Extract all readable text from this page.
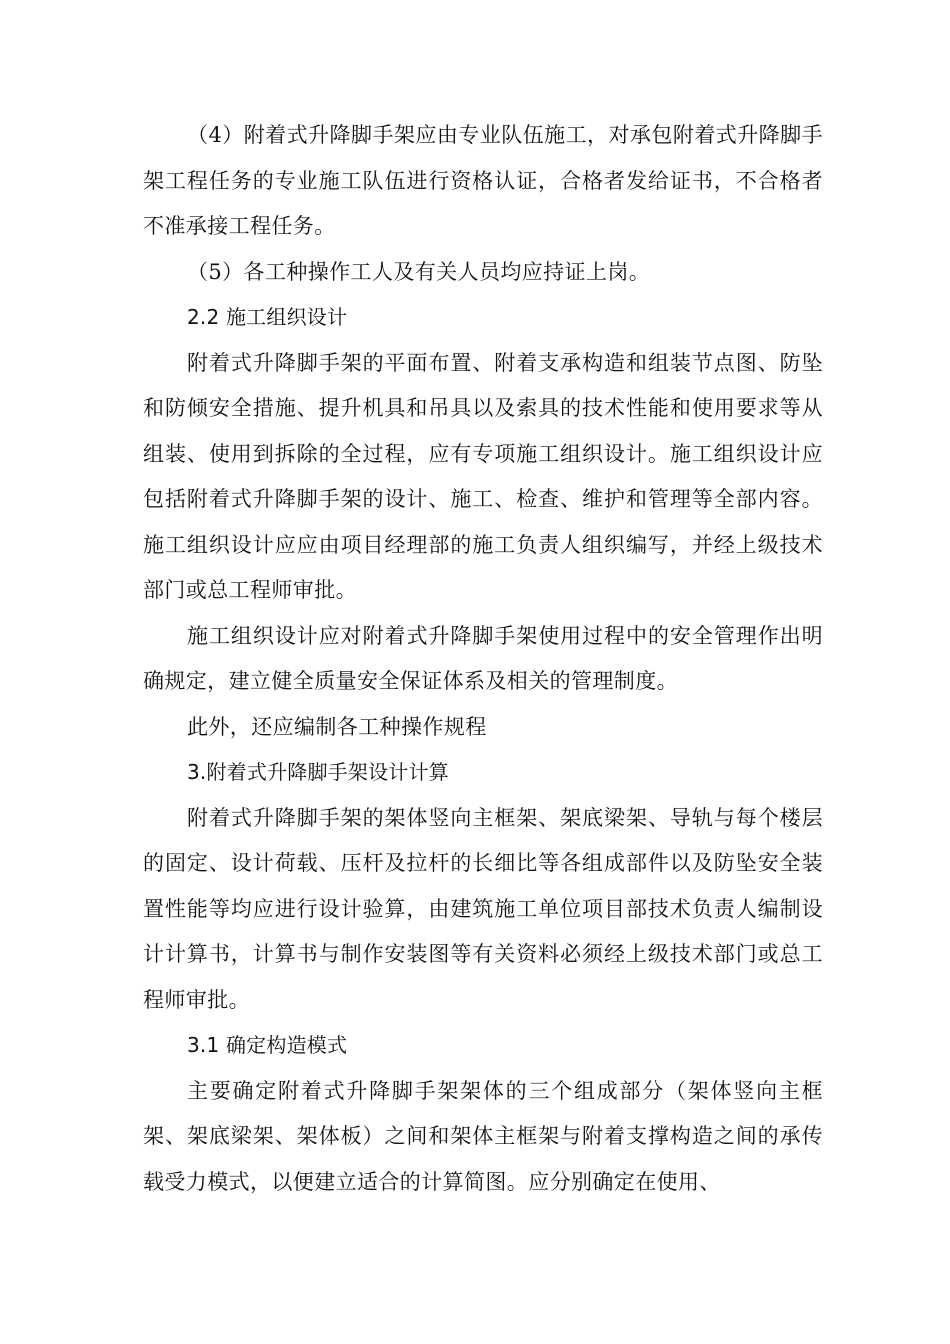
（4）附着式升降脚手架应由专业队伍施工，对承包附着式升降脚手架工程任务的专业施工队伍进行资格认证，合格者发给证书，不合格者不准承接工程任务。

（5）各工种操作工人及有关人员均应持证上岗。

2.2 施工组织设计

附着式升降脚手架的平面布置、附着支承构造和组装节点图、防坠和防倾安全措施、提升机具和吊具以及索具的技术性能和使用要求等从组装、使用到拆除的全过程，应有专项施工组织设计。施工组织设计应包括附着式升降脚手架的设计、施工、检查、维护和管理等全部内容。施工组织设计应应由项目经理部的施工负责人组织编写，并经上级技术部门或总工程师审批。

施工组织设计应对附着式升降脚手架使用过程中的安全管理作出明确规定，建立健全质量安全保证体系及相关的管理制度。

此外，还应编制各工种操作规程

3.附着式升降脚手架设计计算

附着式升降脚手架的架体竖向主框架、架底梁架、导轨与每个楼层的固定、设计荷载、压杆及拉杆的长细比等各组成部件以及防坠安全装置性能等均应进行设计验算，由建筑施工单位项目部技术负责人编制设计计算书，计算书与制作安装图等有关资料必须经上级技术部门或总工程师审批。

3.1 确定构造模式

主要确定附着式升降脚手架架体的三个组成部分（架体竖向主框架、架底梁架、架体板）之间和架体主框架与附着支撑构造之间的承传载受力模式，以便建立适合的计算简图。应分别确定在使用、
